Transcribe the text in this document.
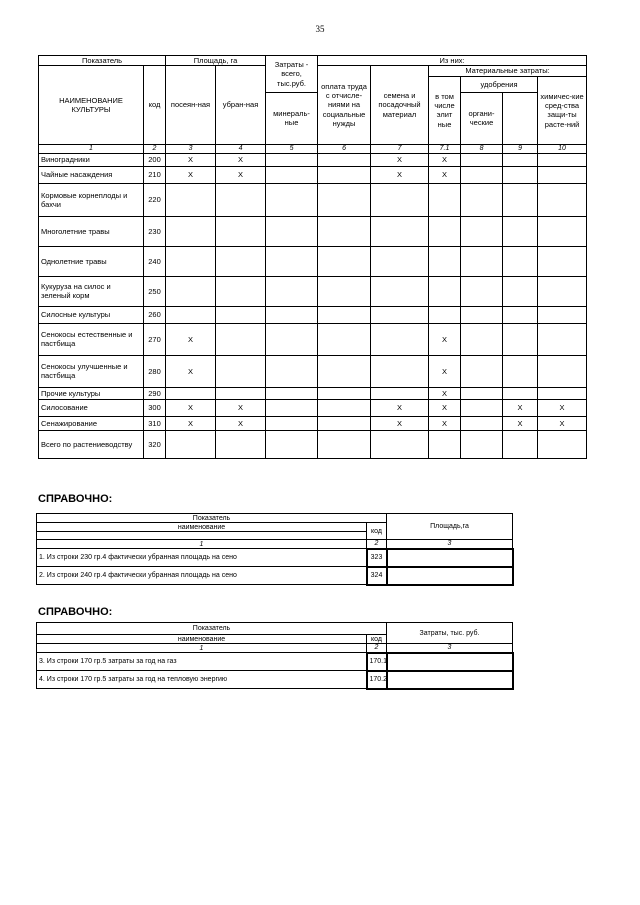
35
Показатель		Площадь, га		Затраты - всего, тыс.руб.	Из них:					
НАИМЕНОВАНИЕ КУЛЬТУРЫ	код	посеян-ная	убран-ная		оплата труда с отчисле-ниями на социальные нужды	семена и посадочный материал	Материальные затраты:			
							в том числе элит ные	удобрения		химичес-кие сред-ства защи-ты расте-ний
				минераль-ные				органи-ческие		
1	2	3	4	5	6	7	7.1	8	9	10
Виноградники	200	X	X			X	X			
Чайные насаждения	210	X	X			X	X			
Кормовые корнеплоды и бахчи	220									
Многолетние травы	230									
Однолетние травы	240									
Кукуруза на силос и зеленый корм	250									
Силосные культуры	260									
Сенокосы естественные и пастбища	270	X					X			
Сенокосы улучшенные и пастбища	280	X					X			
Прочие культуры	290						X			
Силосование	300	X	X			X	X		X	X
Сенажирование	310	X	X			X	X		X	X
Всего по растениеводству	320									
СПРАВОЧНО:
Показатель		Площадь,га
наименование	код	

1	2	3
1. Из строки 230 гр.4 фактически убранная площадь на сено	323	
2. Из строки 240 гр.4 фактически убранная площадь на сено	324	
СПРАВОЧНО:
Показатель		Затраты, тыс. руб.
наименование	код	
1	2	3
3. Из строки 170 гр.5 затраты за год на газ	170.1	
4. Из строки 170 гр.5 затраты за год на тепловую энергию	170.2	
